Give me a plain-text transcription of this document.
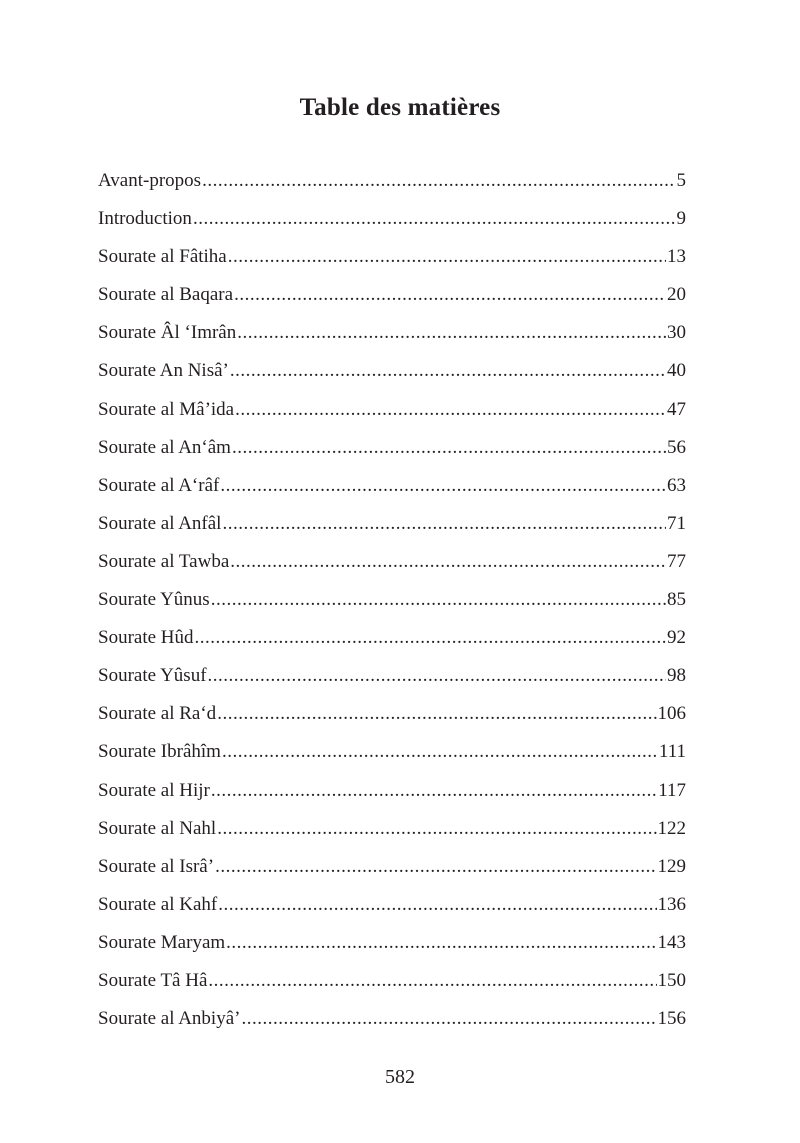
Table des matières
Avant-propos .....	5
Introduction .....	9
Sourate al Fâtiha .....	13
Sourate al Baqara .....	20
Sourate Âl ‘Imrân .....	30
Sourate An Nisâ’ .....	40
Sourate al Mâ’ida .....	47
Sourate al An‘âm .....	56
Sourate al A‘râf .....	63
Sourate al Anfâl .....	71
Sourate al Tawba .....	77
Sourate Yûnus .....	85
Sourate Hûd .....	92
Sourate Yûsuf .....	98
Sourate al Ra‘d .....	106
Sourate Ibrâhîm .....	111
Sourate al Hijr .....	117
Sourate al Nahl .....	122
Sourate al Isrâ’ .....	129
Sourate al Kahf .....	136
Sourate Maryam .....	143
Sourate Tâ Hâ .....	150
Sourate al Anbiyâ’ .....	156
582
